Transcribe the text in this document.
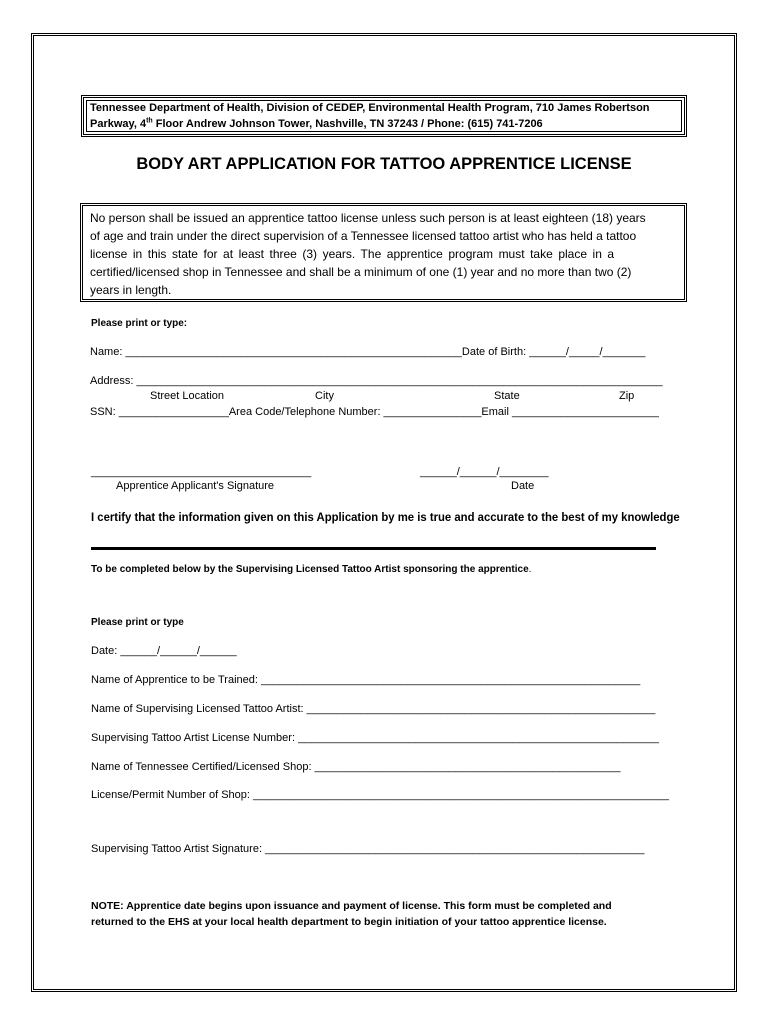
Tennessee Department of Health, Division of CEDEP, Environmental Health Program, 710 James Robertson
Parkway, 4th Floor Andrew Johnson Tower, Nashville, TN 37243 / Phone: (615) 741-7206
BODY ART APPLICATION FOR TATTOO APPRENTICE LICENSE
No person shall be issued an apprentice tattoo license unless such person is at least eighteen (18) years
of age and train under the direct supervision of a Tennessee licensed tattoo artist who has held a tattoo
license in this state for at least three (3) years. The apprentice program must take place in a
certified/licensed shop in Tennessee and shall be a minimum of one (1) year and no more than two (2)
years in length.
Please print or type:
Name: _______________________________________________________Date of Birth: ______/_____/_______
Address: ______________________________________________________________________________________
Street Location	City	State	Zip
SSN: __________________Area Code/Telephone Number: ________________Email ________________________
____________________________________	______/______/________
Apprentice Applicant's Signature	Date
I certify that the information given on this Application by me is true and accurate to the best of my knowledge
To be completed below by the Supervising Licensed Tattoo Artist sponsoring the apprentice.
Please print or type
Date: ______/______/______
Name of Apprentice to be Trained: ______________________________________________________________
Name of Supervising Licensed Tattoo Artist: _________________________________________________________
Supervising Tattoo Artist License Number: ___________________________________________________________
Name of Tennessee Certified/Licensed Shop: __________________________________________________
License/Permit Number of Shop: ____________________________________________________________________
Supervising Tattoo Artist Signature: ______________________________________________________________
NOTE: Apprentice date begins upon issuance and payment of license. This form must be completed and
returned to the EHS at your local health department to begin initiation of your tattoo apprentice license.
